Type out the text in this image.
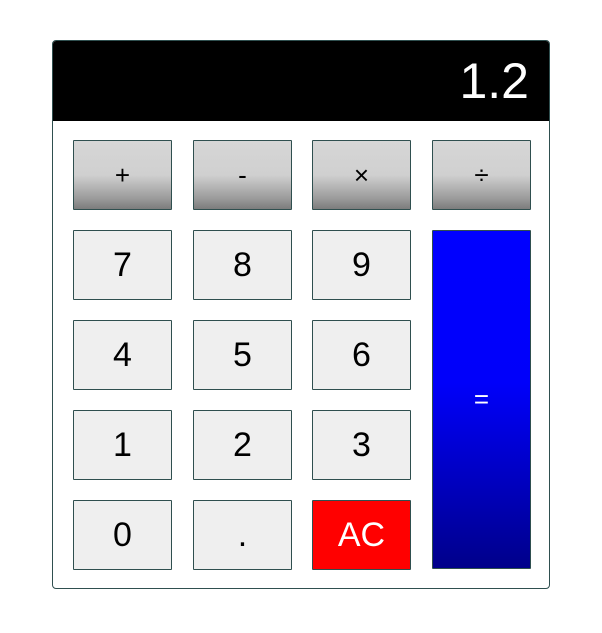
1.2
+	-	×	÷
7	8	9
=
4	5	6
1	2	3
0	.	AC
